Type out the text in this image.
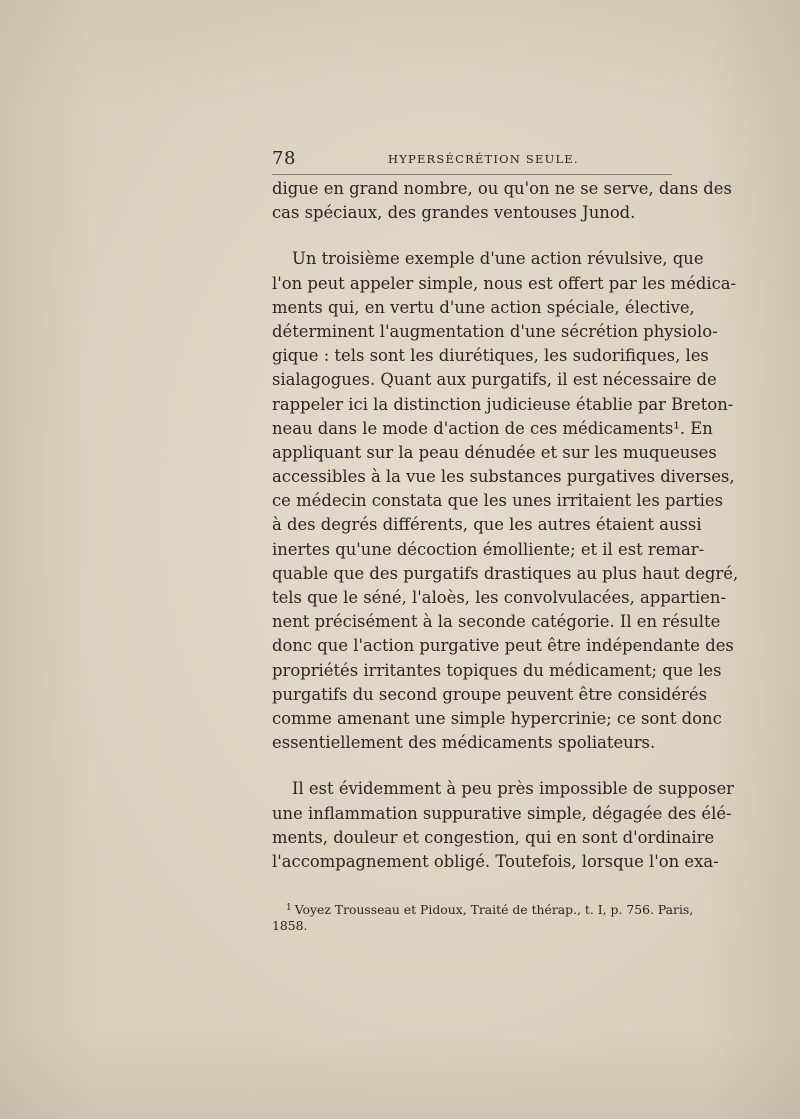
78	HYPERSÉCRÉTION SEULE.
digue en grand nombre, ou qu'on ne se serve, dans des
cas spéciaux, des grandes ventouses Junod.
Un troisième exemple d'une action révulsive, que
l'on peut appeler simple, nous est offert par les médica-
ments qui, en vertu d'une action spéciale, élective,
déterminent l'augmentation d'une sécrétion physiolo-
gique : tels sont les diurétiques, les sudorifiques, les
sialagogues. Quant aux purgatifs, il est nécessaire de
rappeler ici la distinction judicieuse établie par Breton-
neau dans le mode d'action de ces médicaments¹. En
appliquant sur la peau dénudée et sur les muqueuses
accessibles à la vue les substances purgatives diverses,
ce médecin constata que les unes irritaient les parties
à des degrés différents, que les autres étaient aussi
inertes qu'une décoction émolliente; et il est remar-
quable que des purgatifs drastiques au plus haut degré,
tels que le séné, l'aloès, les convolvulacées, appartien-
nent précisément à la seconde catégorie. Il en résulte
donc que l'action purgative peut être indépendante des
propriétés irritantes topiques du médicament; que les
purgatifs du second groupe peuvent être considérés
comme amenant une simple hypercrinie; ce sont donc
essentiellement des médicaments spoliateurs.
Il est évidemment à peu près impossible de supposer
une inflammation suppurative simple, dégagée des élé-
ments, douleur et congestion, qui en sont d'ordinaire
l'accompagnement obligé. Toutefois, lorsque l'on exa-
$^1$ Voyez Trousseau et Pidoux, Traité de thérap., t. I, p. 756. Paris,
1858.
